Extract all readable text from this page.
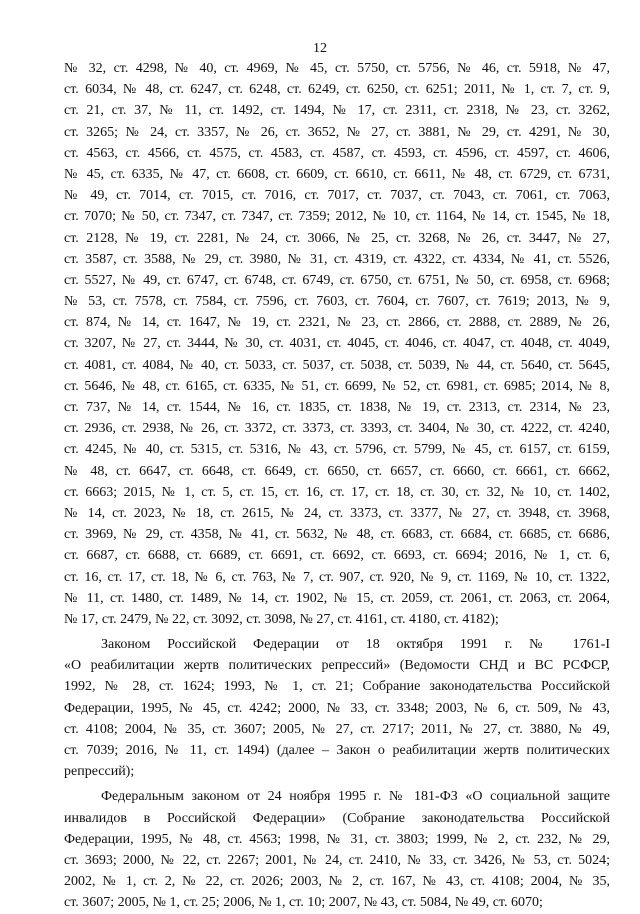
12
№ 32, ст. 4298, № 40, ст. 4969, № 45, ст. 5750, ст. 5756, № 46, ст. 5918, № 47,
ст. 6034, № 48, ст. 6247, ст. 6248, ст. 6249, ст. 6250, ст. 6251; 2011, № 1, ст. 7, ст. 9,
ст. 21, ст. 37, № 11, ст. 1492, ст. 1494, № 17, ст. 2311, ст. 2318, № 23, ст. 3262,
ст. 3265; № 24, ст. 3357, № 26, ст. 3652, № 27, ст. 3881, № 29, ст. 4291, № 30,
ст. 4563, ст. 4566, ст. 4575, ст. 4583, ст. 4587, ст. 4593, ст. 4596, ст. 4597, ст. 4606,
№ 45, ст. 6335, № 47, ст. 6608, ст. 6609, ст. 6610, ст. 6611, № 48, ст. 6729, ст. 6731,
№ 49, ст. 7014, ст. 7015, ст. 7016, ст. 7017, ст. 7037, ст. 7043, ст. 7061, ст. 7063,
ст. 7070; № 50, ст. 7347, ст. 7347, ст. 7359; 2012, № 10, ст. 1164, № 14, ст. 1545, № 18,
ст. 2128, № 19, ст. 2281, № 24, ст. 3066, № 25, ст. 3268, № 26, ст. 3447, № 27,
ст. 3587, ст. 3588, № 29, ст. 3980, № 31, ст. 4319, ст. 4322, ст. 4334, № 41, ст. 5526,
ст. 5527, № 49, ст. 6747, ст. 6748, ст. 6749, ст. 6750, ст. 6751, № 50, ст. 6958, ст. 6968;
№ 53, ст. 7578, ст. 7584, ст. 7596, ст. 7603, ст. 7604, ст. 7607, ст. 7619; 2013, № 9,
ст. 874, № 14, ст. 1647, № 19, ст. 2321, № 23, ст. 2866, ст. 2888, ст. 2889, № 26,
ст. 3207, № 27, ст. 3444, № 30, ст. 4031, ст. 4045, ст. 4046, ст. 4047, ст. 4048, ст. 4049,
ст. 4081, ст. 4084, № 40, ст. 5033, ст. 5037, ст. 5038, ст. 5039, № 44, ст. 5640, ст. 5645,
ст. 5646, № 48, ст. 6165, ст. 6335, № 51, ст. 6699, № 52, ст. 6981, ст. 6985; 2014, № 8,
ст. 737, № 14, ст. 1544, № 16, ст. 1835, ст. 1838, № 19, ст. 2313, ст. 2314, № 23,
ст. 2936, ст. 2938, № 26, ст. 3372, ст. 3373, ст. 3393, ст. 3404, № 30, ст. 4222, ст. 4240,
ст. 4245, № 40, ст. 5315, ст. 5316, № 43, ст. 5796, ст. 5799, № 45, ст. 6157, ст. 6159,
№ 48, ст. 6647, ст. 6648, ст. 6649, ст. 6650, ст. 6657, ст. 6660, ст. 6661, ст. 6662,
ст. 6663; 2015, № 1, ст. 5, ст. 15, ст. 16, ст. 17, ст. 18, ст. 30, ст. 32, № 10, ст. 1402,
№ 14, ст. 2023, № 18, ст. 2615, № 24, ст. 3373, ст. 3377, № 27, ст. 3948, ст. 3968,
ст. 3969, № 29, ст. 4358, № 41, ст. 5632, № 48, ст. 6683, ст. 6684, ст. 6685, ст. 6686,
ст. 6687, ст. 6688, ст. 6689, ст. 6691, ст. 6692, ст. 6693, ст. 6694; 2016, № 1, ст. 6,
ст. 16, ст. 17, ст. 18, № 6, ст. 763, № 7, ст. 907, ст. 920, № 9, ст. 1169, № 10, ст. 1322,
№ 11, ст. 1480, ст. 1489, № 14, ст. 1902, № 15, ст. 2059, ст. 2061, ст. 2063, ст. 2064,
№ 17, ст. 2479, № 22, ст. 3092, ст. 3098, № 27, ст. 4161, ст. 4180, ст. 4182);
Законом Российской Федерации от 18 октября 1991 г. № 1761-I
«О реабилитации жертв политических репрессий» (Ведомости СНД и ВС РСФСР,
1992, № 28, ст. 1624; 1993, № 1, ст. 21; Собрание законодательства Российской
Федерации, 1995, № 45, ст. 4242; 2000, № 33, ст. 3348; 2003, № 6, ст. 509, № 43,
ст. 4108; 2004, № 35, ст. 3607; 2005, № 27, ст. 2717; 2011, № 27, ст. 3880, № 49,
ст. 7039; 2016, № 11, ст. 1494) (далее – Закон о реабилитации жертв политических
репрессий);
Федеральным законом от 24 ноября 1995 г. № 181-ФЗ «О социальной защите
инвалидов в Российской Федерации» (Собрание законодательства Российской
Федерации, 1995, № 48, ст. 4563; 1998, № 31, ст. 3803; 1999, № 2, ст. 232, № 29,
ст. 3693; 2000, № 22, ст. 2267; 2001, № 24, ст. 2410, № 33, ст. 3426, № 53, ст. 5024;
2002, № 1, ст. 2, № 22, ст. 2026; 2003, № 2, ст. 167, № 43, ст. 4108; 2004, № 35,
ст. 3607; 2005, № 1, ст. 25; 2006, № 1, ст. 10; 2007, № 43, ст. 5084, № 49, ст. 6070;
